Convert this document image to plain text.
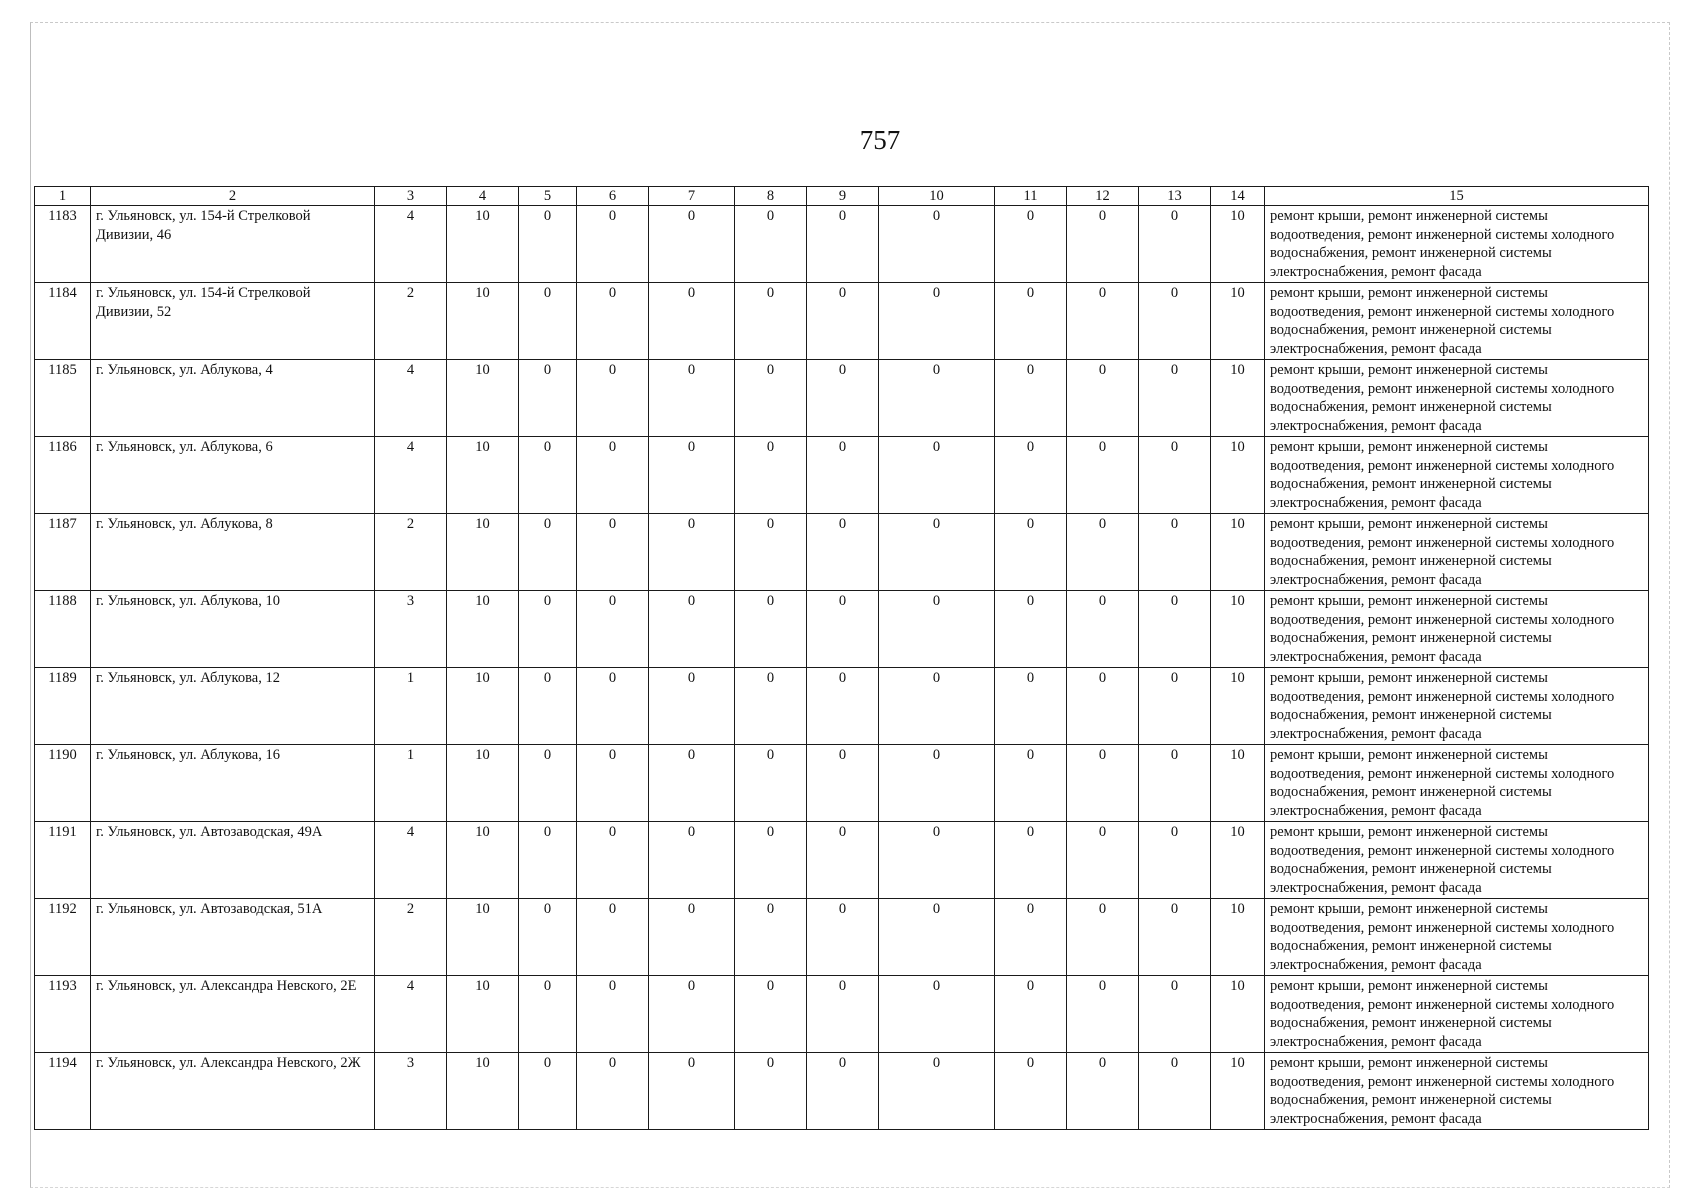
757
1	2	3	4	5	6	7	8	9	10	11	12	13	14	15
1183	г. Ульяновск, ул. 154-й Стрелковой Дивизии, 46	4	10	0	0	0	0	0	0	0	0	0	10	ремонт крыши, ремонт инженерной системы водоотведения, ремонт инженерной системы холодного водоснабжения, ремонт инженерной системы электроснабжения, ремонт фасада
1184	г. Ульяновск, ул. 154-й Стрелковой Дивизии, 52	2	10	0	0	0	0	0	0	0	0	0	10	ремонт крыши, ремонт инженерной системы водоотведения, ремонт инженерной системы холодного водоснабжения, ремонт инженерной системы электроснабжения, ремонт фасада
1185	г. Ульяновск, ул. Аблукова, 4	4	10	0	0	0	0	0	0	0	0	0	10	ремонт крыши, ремонт инженерной системы водоотведения, ремонт инженерной системы холодного водоснабжения, ремонт инженерной системы электроснабжения, ремонт фасада
1186	г. Ульяновск, ул. Аблукова, 6	4	10	0	0	0	0	0	0	0	0	0	10	ремонт крыши, ремонт инженерной системы водоотведения, ремонт инженерной системы холодного водоснабжения, ремонт инженерной системы электроснабжения, ремонт фасада
1187	г. Ульяновск, ул. Аблукова, 8	2	10	0	0	0	0	0	0	0	0	0	10	ремонт крыши, ремонт инженерной системы водоотведения, ремонт инженерной системы холодного водоснабжения, ремонт инженерной системы электроснабжения, ремонт фасада
1188	г. Ульяновск, ул. Аблукова, 10	3	10	0	0	0	0	0	0	0	0	0	10	ремонт крыши, ремонт инженерной системы водоотведения, ремонт инженерной системы холодного водоснабжения, ремонт инженерной системы электроснабжения, ремонт фасада
1189	г. Ульяновск, ул. Аблукова, 12	1	10	0	0	0	0	0	0	0	0	0	10	ремонт крыши, ремонт инженерной системы водоотведения, ремонт инженерной системы холодного водоснабжения, ремонт инженерной системы электроснабжения, ремонт фасада
1190	г. Ульяновск, ул. Аблукова, 16	1	10	0	0	0	0	0	0	0	0	0	10	ремонт крыши, ремонт инженерной системы водоотведения, ремонт инженерной системы холодного водоснабжения, ремонт инженерной системы электроснабжения, ремонт фасада
1191	г. Ульяновск, ул. Автозаводская, 49А	4	10	0	0	0	0	0	0	0	0	0	10	ремонт крыши, ремонт инженерной системы водоотведения, ремонт инженерной системы холодного водоснабжения, ремонт инженерной системы электроснабжения, ремонт фасада
1192	г. Ульяновск, ул. Автозаводская, 51А	2	10	0	0	0	0	0	0	0	0	0	10	ремонт крыши, ремонт инженерной системы водоотведения, ремонт инженерной системы холодного водоснабжения, ремонт инженерной системы электроснабжения, ремонт фасада
1193	г. Ульяновск, ул. Александра Невского, 2Е	4	10	0	0	0	0	0	0	0	0	0	10	ремонт крыши, ремонт инженерной системы водоотведения, ремонт инженерной системы холодного водоснабжения, ремонт инженерной системы электроснабжения, ремонт фасада
1194	г. Ульяновск, ул. Александра Невского, 2Ж	3	10	0	0	0	0	0	0	0	0	0	10	ремонт крыши, ремонт инженерной системы водоотведения, ремонт инженерной системы холодного водоснабжения, ремонт инженерной системы электроснабжения, ремонт фасада
